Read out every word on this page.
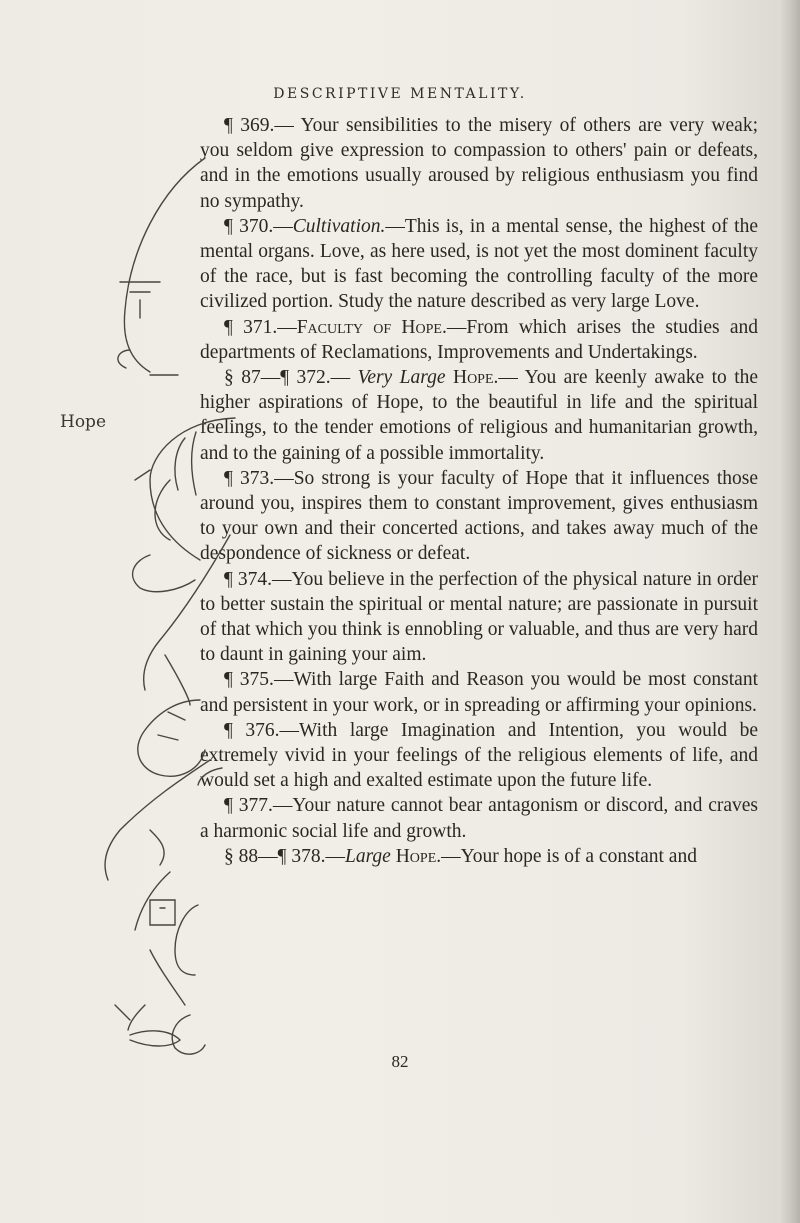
DESCRIPTIVE MENTALITY.

¶ 369.— Your sensibilities to the misery of others are very weak; you seldom give expression to compassion to others' pain or defeats, and in the emotions usually aroused by religious enthusiasm you find no sympathy.

¶ 370.—Cultivation.—This is, in a mental sense, the highest of the mental organs. Love, as here used, is not yet the most dominent faculty of the race, but is fast becoming the controlling faculty of the more civilized portion. Study the nature described as very large Love.

¶ 371.—Faculty of Hope.—From which arises the studies and departments of Reclamations, Improvements and Undertakings.

§ 87—¶ 372.— Very Large Hope.— You are keenly awake to the higher aspirations of Hope, to the beautiful in life and the spiritual feelings, to the tender emotions of religious and humanitarian growth, and to the gaining of a possible immortality.

¶ 373.—So strong is your faculty of Hope that it influences those around you, inspires them to constant improvement, gives enthusiasm to your own and their concerted actions, and takes away much of the despondence of sickness or defeat.

¶ 374.—You believe in the perfection of the physical nature in order to better sustain the spiritual or mental nature; are passionate in pursuit of that which you think is ennobling or valuable, and thus are very hard to daunt in gaining your aim.

¶ 375.—With large Faith and Reason you would be most constant and persistent in your work, or in spreading or affirming your opinions.

¶ 376.—With large Imagination and Intention, you would be extremely vivid in your feelings of the religious elements of life, and would set a high and exalted estimate upon the future life.

¶ 377.—Your nature cannot bear antagonism or discord, and craves a harmonic social life and growth.

§ 88—¶ 378.—Large Hope.—Your hope is of a constant and

82
Hope
